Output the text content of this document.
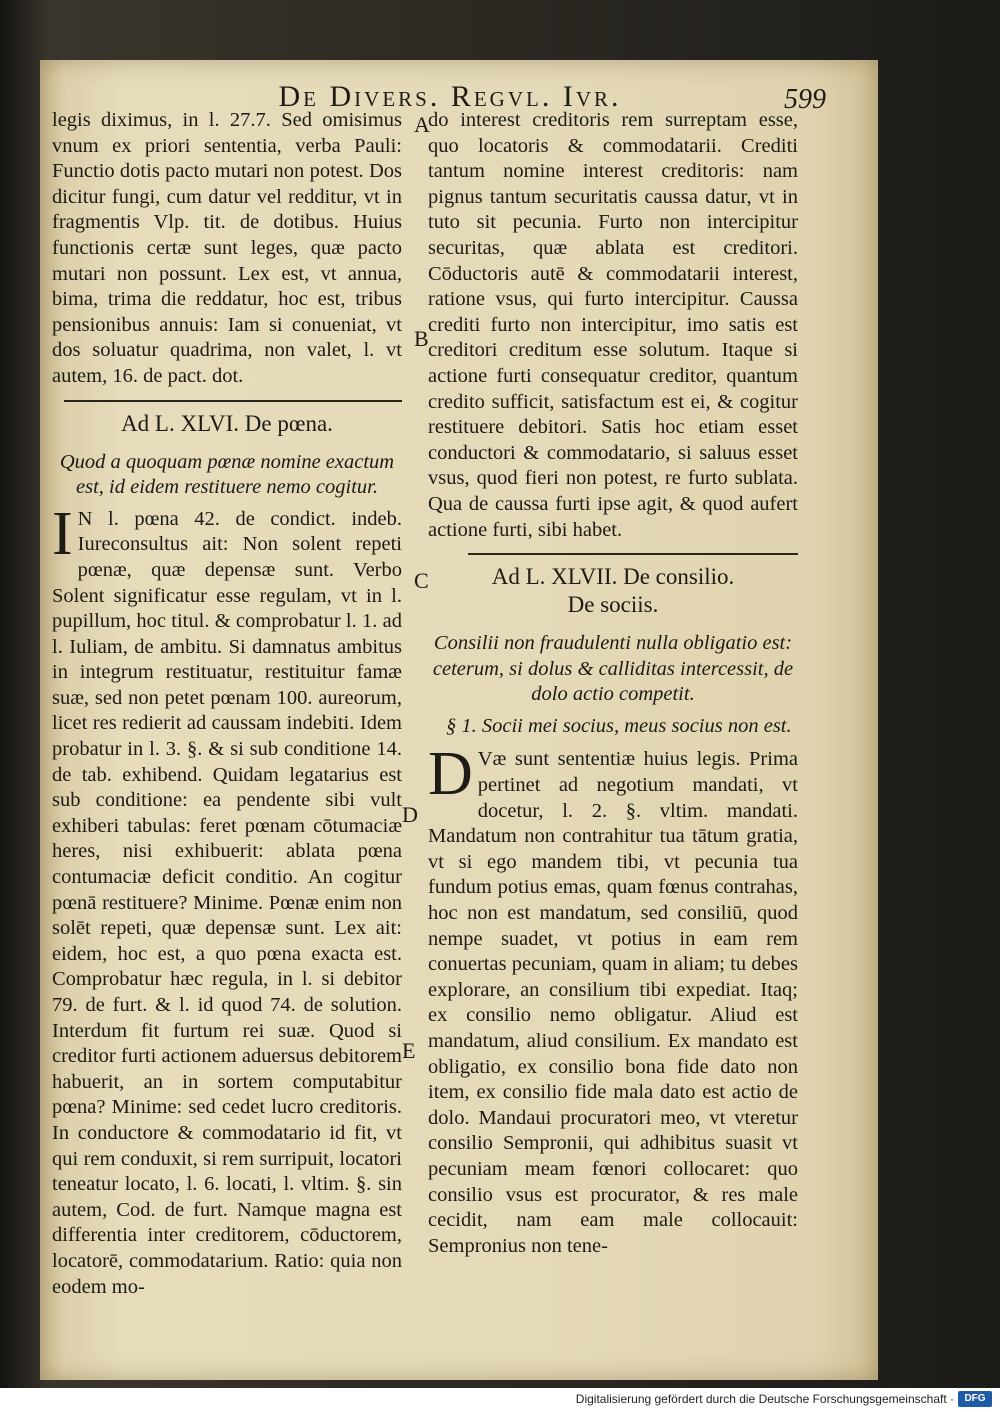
De Divers. Regvl. Ivr.	599

legis diximus, in l. 27.7. Sed omisimus vnum ex priori sententia, verba Pauli: Functio dotis pacto mutari non potest. Dos dicitur fungi, cum datur vel redditur, vt in fragmentis Vlp. tit. de dotibus. Huius functionis certæ sunt leges, quæ pacto mutari non possunt. Lex est, vt annua, bima, trima die reddatur, hoc est, tribus pensionibus annuis: Iam si conueniat, vt dos soluatur quadrima, non valet, l. vt autem, 16. de pact. dot.

Ad L. XLVI. De pœna.

Quod a quoquam pœnæ nomine exactum est, id eidem restituere nemo cogitur.

I N l. pœna 42. de condict. indeb. Iureconsultus ait: Non solent repeti pœnæ, quæ depensæ sunt. Verbo Solent significatur esse regulam, vt in l. pupillum, hoc titul. & comprobatur l. 1. ad l. Iuliam, de ambitu. Si damnatus ambitus in integrum restituatur, restituitur famæ suæ, sed non petet pœnam 100. aureorum, licet res redierit ad caussam indebiti. Idem probatur in l. 3. §. & si sub conditione 14. de tab. exhibend. Quidam legatarius est sub conditione: ea pendente sibi vult exhiberi tabulas: feret pœnam cōtumaciæ heres, nisi exhibuerit: ablata pœna contumaciæ deficit conditio. An cogitur pœnā restituere? Minime. Pœnæ enim non solēt repeti, quæ depensæ sunt. Lex ait: eidem, hoc est, a quo pœna exacta est. Comprobatur hæc regula, in l. si debitor 79. de furt. & l. id quod 74. de solution. Interdum fit furtum rei suæ. Quod si creditor furti actionem aduersus debitorem habuerit, an in sortem computabitur pœna? Minime: sed cedet lucro creditoris. In conductore & commodatario id fit, vt qui rem conduxit, si rem surripuit, locatori teneatur locato, l. 6. locati, l. vltim. §. sin autem, Cod. de furt. Namque magna est differentia inter creditorem, cōductorem, locatorē, commodatarium. Ratio: quia non eodem mo-

do interest creditoris rem surreptam esse, quo locatoris & commodatarii. Crediti tantum nomine interest creditoris: nam pignus tantum securitatis caussa datur, vt in tuto sit pecunia. Furto non intercipitur securitas, quæ ablata est creditori. Cōductoris autē & commodatarii interest, ratione vsus, qui furto intercipitur. Caussa crediti furto non intercipitur, imo satis est creditori creditum esse solutum. Itaque si actione furti consequatur creditor, quantum credito sufficit, satisfactum est ei, & cogitur restituere debitori. Satis hoc etiam esset conductori & commodatario, si saluus esset vsus, quod fieri non potest, re furto sublata. Qua de caussa furti ipse agit, & quod aufert actione furti, sibi habet.

Ad L. XLVII. De consilio.
De sociis.

Consilii non fraudulenti nulla obligatio est: ceterum, si dolus & calliditas intercessit, de dolo actio competit.

§ 1. Socii mei socius, meus socius non est.

D Væ sunt sententiæ huius legis. Prima pertinet ad negotium mandati, vt docetur, l. 2. §. vltim. mandati. Mandatum non contrahitur tua tātum gratia, vt si ego mandem tibi, vt pecunia tua fundum potius emas, quam fœnus contrahas, hoc non est mandatum, sed consiliū, quod nempe suadet, vt potius in eam rem conuertas pecuniam, quam in aliam; tu debes explorare, an consilium tibi expediat. Itaq; ex consilio nemo obligatur. Aliud est mandatum, aliud consilium. Ex mandato est obligatio, ex consilio bona fide dato non item, ex consilio fide mala dato est actio de dolo. Mandaui procuratori meo, vt vteretur consilio Sempronii, qui adhibitus suasit vt pecuniam meam fœnori collocaret: quo consilio vsus est procurator, & res male cecidit, nam eam male collocauit: Sempronius non tene-

A
B
C
D
E
Digitalisierung gefördert durch die Deutsche Forschungsgemeinschaft ·	DFG
